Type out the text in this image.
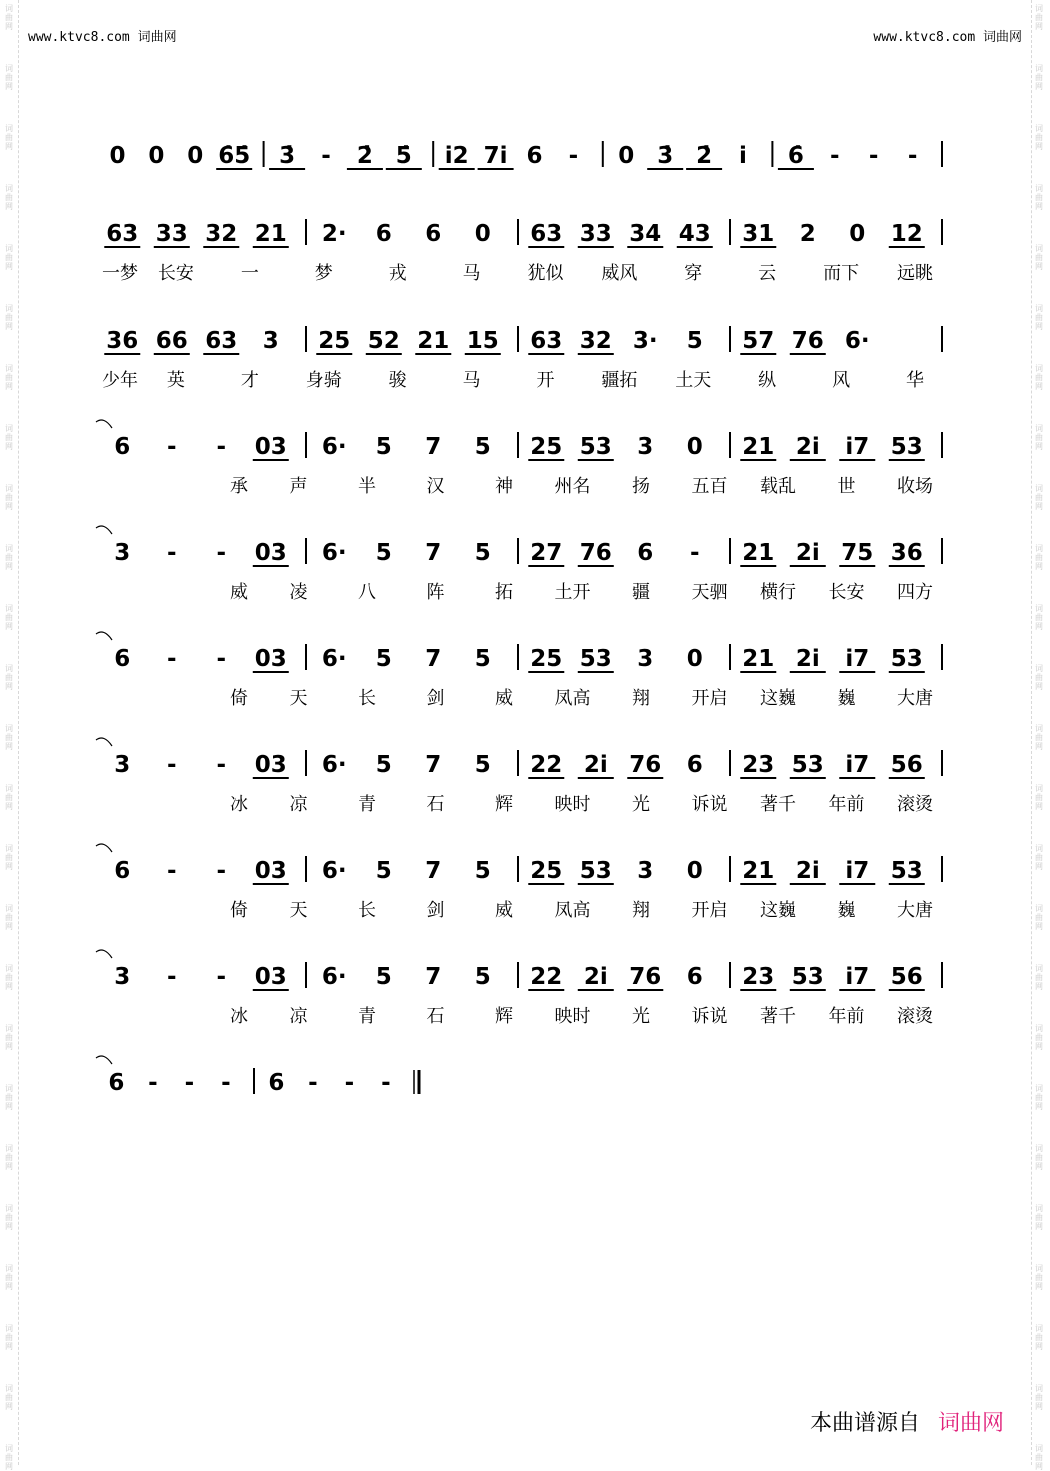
词曲网
词曲网
词曲网
词曲网
词曲网
词曲网
词曲网
词曲网
词曲网
词曲网
词曲网
词曲网
词曲网
词曲网
词曲网
词曲网
词曲网
词曲网
词曲网
词曲网
词曲网
词曲网
词曲网
词曲网
词曲网
词曲网
词曲网
词曲网
词曲网
词曲网
词曲网
词曲网
词曲网
词曲网
词曲网
词曲网
词曲网
词曲网
词曲网
词曲网
词曲网
词曲网
词曲网
词曲网
词曲网
词曲网
词曲网
词曲网
词曲网
词曲网
www.ktvc8.com 词曲网	www.ktvc8.com 词曲网
0 0 0 6̇5̇ 3̇ - 2̇ 5̇ i2 7i 6 - 0 3̇ 2̇ i 6̇ - - -
63 33 32 21 2· 6 6 0 63 33 34 43 31 2 0 12
一梦 长安	一	梦	戎	马	犹似 威风	穿	云	而下 远眺
36 66 63 3 25 52 21 15 63 32 3· 5 57 76 6·
少年 英	才	身骑	骏	马	开	疆拓 土天	纵	风	华
6 - - 03 6· 5 7 5 25 53 3 0 21 2i i7 53
承 声	半	汉	神 州名 扬 五百 载乱 世 收场
3 - - 03 6· 5 7 5 27 76 6 - 21 2i 75 36
威 凌	八	阵	拓 土开 疆 天驷 横行 长安 四方
6 - - 03 6· 5 7 5 25 53 3 0 21 2i i7 53
倚 天	长	剑	威 凤高 翔 开启 这巍 巍 大唐
3 - - 03 6· 5 7 5 22 2i 76 6 23 53 i7 56
冰 凉	青	石	辉 映时 光 诉说 著千 年前 滚烫
6 - - 03 6· 5 7 5 25 53 3 0 21 2i i7 53
倚 天	长	剑	威 凤高 翔 开启 这巍 巍 大唐
3 - - 03 6· 5 7 5 22 2i 76 6 23 53 i7 56
冰 凉	青	石	辉 映时 光 诉说 著千 年前 滚烫
6 - - - 6 - - -
本曲谱源自 词曲网
